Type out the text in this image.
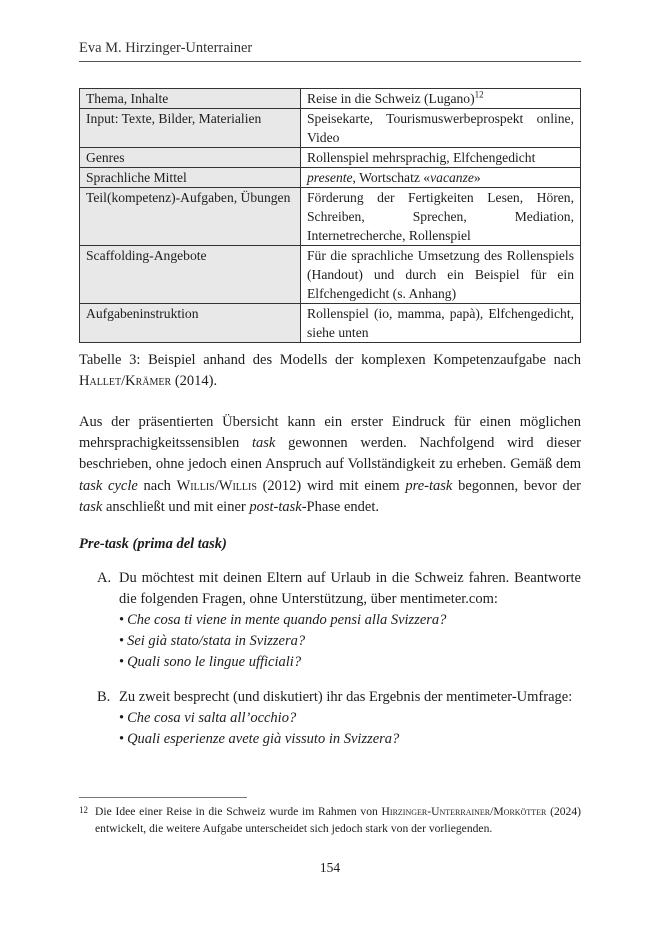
Eva M. Hirzinger-Unterrainer
Thema, Inhalte	Reise in die Schweiz (Lugano)$^{12}$
Input: Texte, Bilder, Materialien	Speisekarte, Tourismuswerbeprospekt online, Video
Genres	Rollenspiel mehrsprachig, Elfchengedicht
Sprachliche Mittel	presente, Wortschatz «vacanze»
Teil(kompetenz)-Aufgaben, Übungen	Förderung der Fertigkeiten Lesen, Hören, Schreiben, Sprechen, Mediation, Internetrecherche, Rollenspiel
Scaffolding-Angebote	Für die sprachliche Umsetzung des Rollenspiels (Handout) und durch ein Beispiel für ein Elfchengedicht (s. Anhang)
Aufgabeninstruktion	Rollenspiel (io, mamma, papà), Elfchengedicht, siehe unten
Tabelle 3: Beispiel anhand des Modells der komplexen Kompetenzaufgabe nach Hallet/Krämer (2014).
Aus der präsentierten Übersicht kann ein erster Eindruck für einen möglichen mehrsprachigkeitssensiblen task gewonnen werden. Nachfolgend wird dieser beschrieben, ohne jedoch einen Anspruch auf Vollständigkeit zu erheben. Gemäß dem task cycle nach Willis/Willis (2012) wird mit einem pre-task begonnen, bevor der task anschließt und mit einer post-task-Phase endet.
Pre-task (prima del task)
A. Du möchtest mit deinen Eltern auf Urlaub in die Schweiz fahren. Beantworte die folgenden Fragen, ohne Unterstützung, über mentimeter.com:
• Che cosa ti viene in mente quando pensi alla Svizzera?
• Sei già stato/stata in Svizzera?
• Quali sono le lingue ufficiali?
B. Zu zweit besprecht (und diskutiert) ihr das Ergebnis der mentimeter-Umfrage:
• Che cosa vi salta all’occhio?
• Quali esperienze avete già vissuto in Svizzera?
12 Die Idee einer Reise in die Schweiz wurde im Rahmen von Hirzinger-Unterrainer/Morkötter (2024) entwickelt, die weitere Aufgabe unterscheidet sich jedoch stark von der vorliegenden.
154
